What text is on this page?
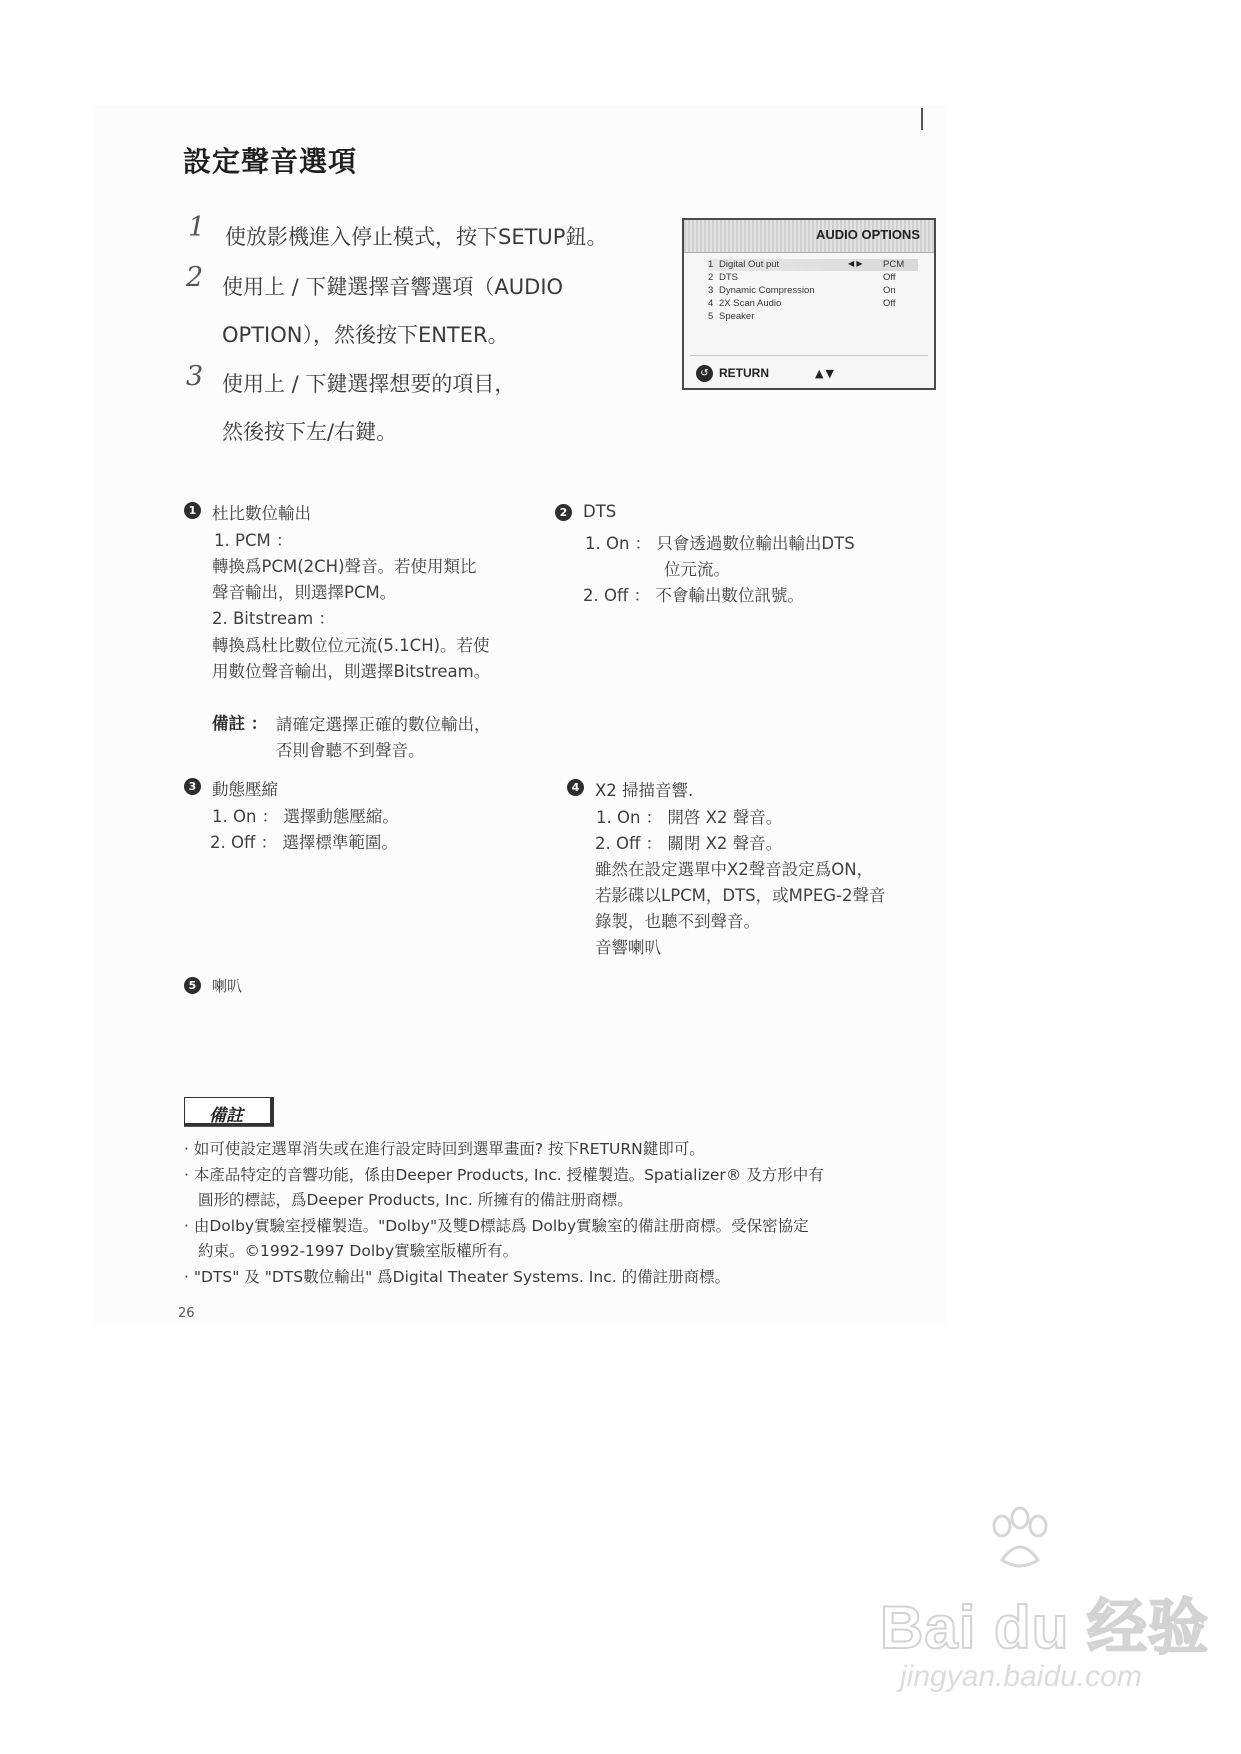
設定聲音選項
1 使放影機進入停止模式，按下SETUP鈕。
2 使用上 / 下鍵選擇音響選項（AUDIO
OPTION），然後按下ENTER。
3 使用上 / 下鍵選擇想要的項目，
然後按下左/右鍵。
AUDIO OPTIONS
1 Digital Out put	◀ ▶ PCM
2 DTS	Off
3 Dynamic Compression	On
4 2X Scan Audio	Off
5 Speaker
↺ RETURN	▲▼
1 杜比數位輸出
1. PCM ：
轉換爲PCM(2CH)聲音。若使用類比
聲音輸出，則選擇PCM。
2. Bitstream ：
轉換爲杜比數位位元流(5.1CH)。若使
用數位聲音輸出，則選擇Bitstream。
備註 ： 請確定選擇正確的數位輸出，
否則會聽不到聲音。
2 DTS
1. On ： 只會透過數位輸出輸出DTS
位元流。
2. Off ： 不會輸出數位訊號。
3 動態壓縮
1. On ： 選擇動態壓縮。
2. Off ： 選擇標準範圍。
4 X2 掃描音響.
1. On ： 開啓 X2 聲音。
2. Off ： 關閉 X2 聲音。
雖然在設定選單中X2聲音設定爲ON，
若影碟以LPCM，DTS，或MPEG-2聲音
錄製，也聽不到聲音。
音響喇叭
5	喇叭
備註
· 如可使設定選單消失或在進行設定時回到選單畫面? 按下RETURN鍵即可。
· 本產品特定的音響功能，係由Deeper Products, Inc. 授權製造。Spatializer® 及方形中有
圓形的標誌，爲Deeper Products, Inc. 所擁有的備註册商標。
· 由Dolby實驗室授權製造。"Dolby"及雙D標誌爲 Dolby實驗室的備註册商標。受保密協定
約束。©1992-1997 Dolby實驗室版權所有。
· "DTS" 及 "DTS數位輸出" 爲Digital Theater Systems. Inc. 的備註册商標。
26
Bai du 经验
jingyan.baidu.com
